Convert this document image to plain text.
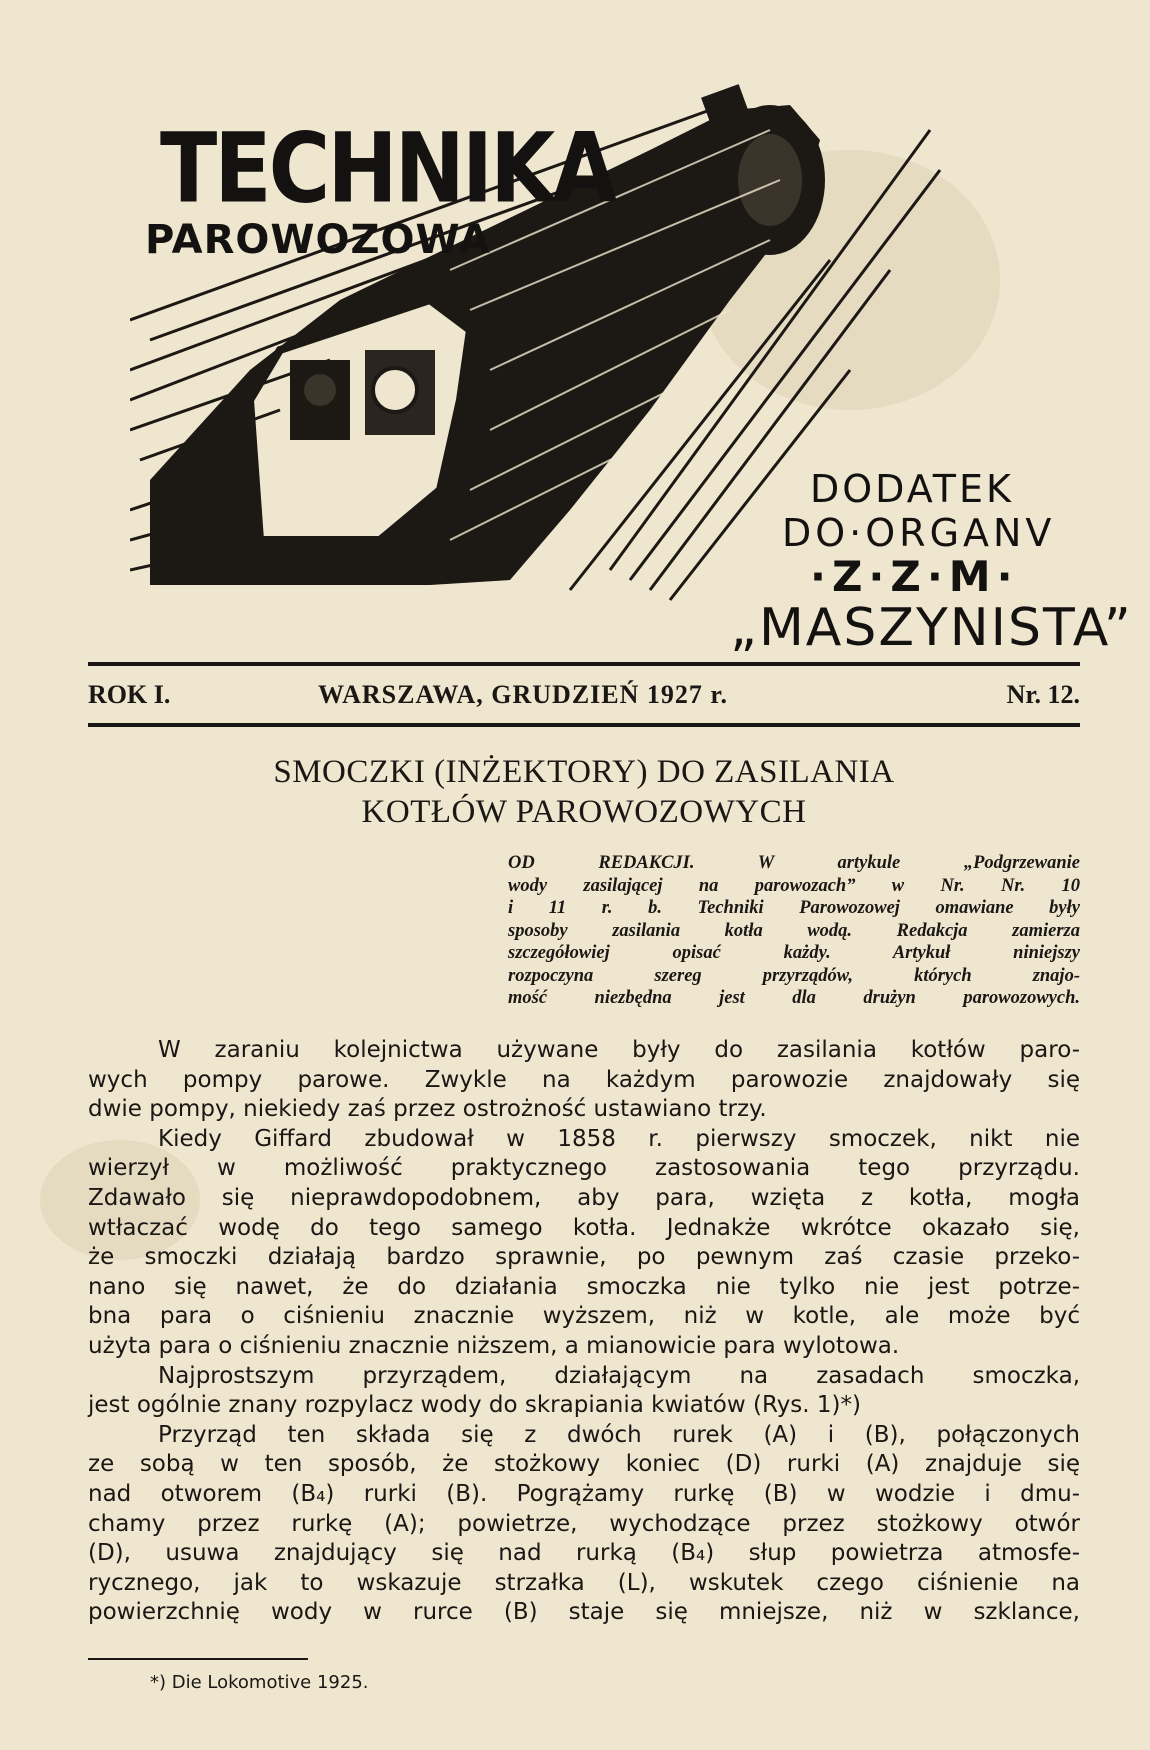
TECHNIKA
PAROWOZOWA
DODATEK
DO·ORGANV
·Z·Z·M·
„MASZYNISTA”
ROK I.	WARSZAWA, GRUDZIEŃ 1927 r.	Nr. 12.
SMOCZKI (INŻEKTORY) DO ZASILANIA
KOTŁÓW PAROWOZOWYCH
OD REDAKCJI. W artykule „Podgrzewanie
wody zasilającej na parowozach” w Nr. Nr. 10
i 11 r. b. Techniki Parowozowej omawiane były
sposoby zasilania kotła wodą. Redakcja zamierza
szczegółowiej opisać każdy. Artykuł niniejszy
rozpoczyna szereg przyrządów, których znajo-
mość niezbędna jest dla drużyn parowozowych.
W zaraniu kolejnictwa używane były do zasilania kotłów paro-
wych pompy parowe. Zwykle na każdym parowozie znajdowały się
dwie pompy, niekiedy zaś przez ostrożność ustawiano trzy.
Kiedy Giffard zbudował w 1858 r. pierwszy smoczek, nikt nie
wierzył w możliwość praktycznego zastosowania tego przyrządu.
Zdawało się nieprawdopodobnem, aby para, wzięta z kotła, mogła
wtłaczać wodę do tego samego kotła. Jednakże wkrótce okazało się,
że smoczki działają bardzo sprawnie, po pewnym zaś czasie przeko-
nano się nawet, że do działania smoczka nie tylko nie jest potrze-
bna para o ciśnieniu znacznie wyższem, niż w kotle, ale może być
użyta para o ciśnieniu znacznie niższem, a mianowicie para wylotowa.
Najprostszym przyrządem, działającym na zasadach smoczka,
jest ogólnie znany rozpylacz wody do skrapiania kwiatów (Rys. 1)*)
Przyrząd ten składa się z dwóch rurek (A) i (B), połączonych
ze sobą w ten sposób, że stożkowy koniec (D) rurki (A) znajduje się
nad otworem (B₄) rurki (B). Pogrążamy rurkę (B) w wodzie i dmu-
chamy przez rurkę (A); powietrze, wychodzące przez stożkowy otwór
(D), usuwa znajdujący się nad rurką (B₄) słup powietrza atmosfe-
rycznego, jak to wskazuje strzałka (L), wskutek czego ciśnienie na
powierzchnię wody w rurce (B) staje się mniejsze, niż w szklance,
*) Die Lokomotive 1925.
